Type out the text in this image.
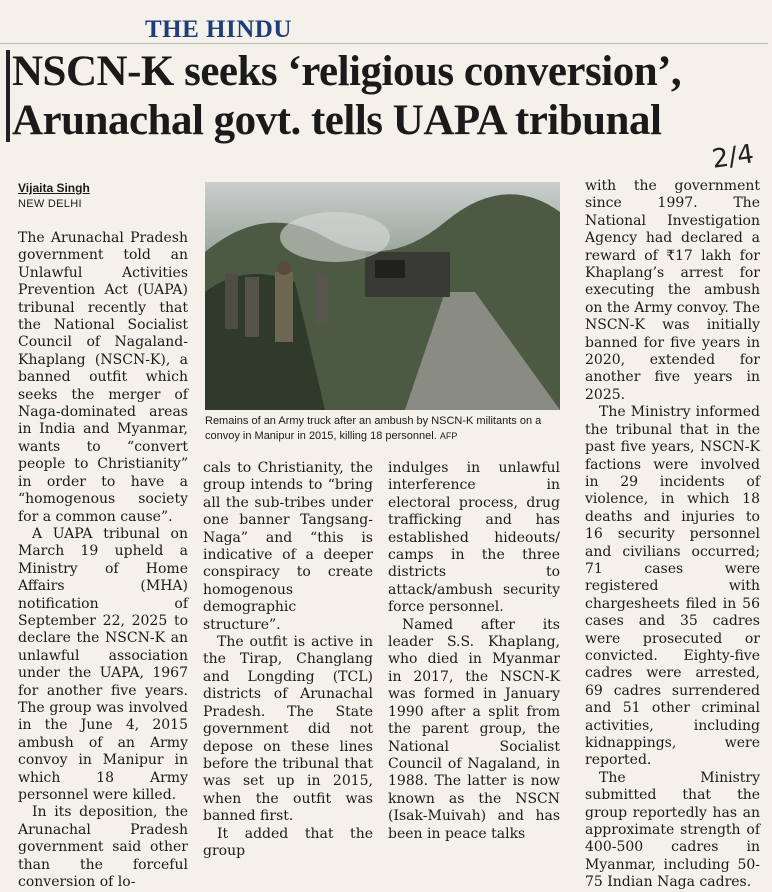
THE HINDU
NSCN-K seeks ‘religious conversion’,
Arunachal govt. tells UAPA tribunal
2/4
Vijaita Singh
NEW DELHI

The Arunachal Pradesh government told an Unlawful Activities Prevention Act (UAPA) tribunal recently that the National Socialist Council of Nagaland-Khaplang (NSCN-K), a banned outfit which seeks the merger of Naga-dominated areas in India and Myanmar, wants to “convert people to Christianity” in order to have a “homogenous society for a common cause”.

A UAPA tribunal on March 19 upheld a Ministry of Home Affairs (MHA) notification of September 22, 2025 to declare the NSCN-K an unlawful association under the UAPA, 1967 for another five years. The group was involved in the June 4, 2015 ambush of an Army convoy in Manipur in which 18 Army personnel were killed.

In its deposition, the Arunachal Pradesh government said other than the forceful conversion of lo-

Remains of an Army truck after an ambush by NSCN-K militants on a convoy in Manipur in 2015, killing 18 personnel. AFP

cals to Christianity, the group intends to “bring all the sub-tribes under one banner Tangsang-Naga” and “this is indicative of a deeper conspiracy to create homogenous demographic structure”.

The outfit is active in the Tirap, Changlang and Longding (TCL) districts of Arunachal Pradesh. The State government did not depose on these lines before the tribunal that was set up in 2015, when the outfit was banned first.

It added that the group

indulges in unlawful interference in electoral process, drug trafficking and has established hideouts/ camps in the three districts to attack/ambush security force personnel.

Named after its leader S.S. Khaplang, who died in Myanmar in 2017, the NSCN-K was formed in January 1990 after a split from the parent group, the National Socialist Council of Nagaland, in 1988. The latter is now known as the NSCN (Isak-Muivah) and has been in peace talks

with the government since 1997. The National Investigation Agency had declared a reward of ₹17 lakh for Khaplang’s arrest for executing the ambush on the Army convoy. The NSCN-K was initially banned for five years in 2020, extended for another five years in 2025.

The Ministry informed the tribunal that in the past five years, NSCN-K factions were involved in 29 incidents of violence, in which 18 deaths and injuries to 16 security personnel and civilians occurred; 71 cases were registered with chargesheets filed in 56 cases and 35 cadres were prosecuted or convicted. Eighty-five cadres were arrested, 69 cadres surrendered and 51 other criminal activities, including kidnappings, were reported.

The Ministry submitted that the group reportedly has an approximate strength of 400-500 cadres in Myanmar, including 50-75 Indian Naga cadres.
